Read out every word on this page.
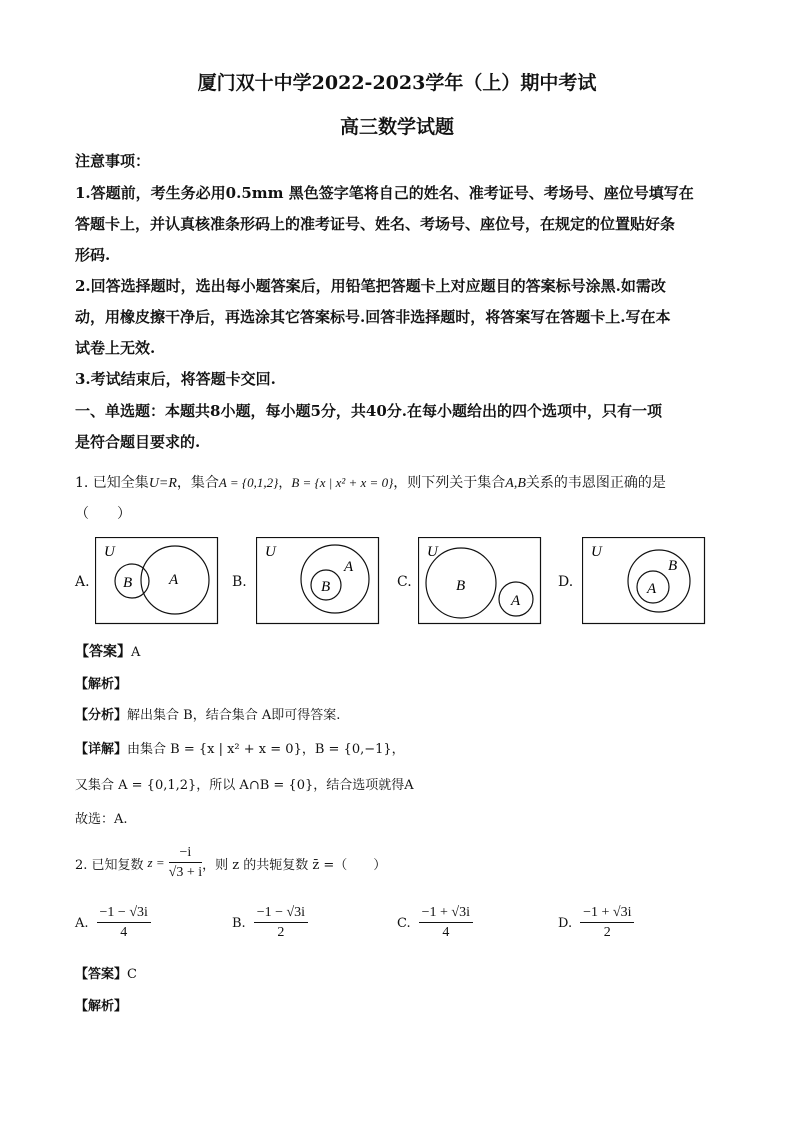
厦门双十中学2022-2023学年（上）期中考试
高三数学试题
注意事项：
1.答题前，考生务必用0.5mm 黑色签字笔将自己的姓名、准考证号、考场号、座位号填写在
答题卡上，并认真核准条形码上的准考证号、姓名、考场号、座位号，在规定的位置贴好条
形码.
2.回答选择题时，选出每小题答案后，用铅笔把答题卡上对应题目的答案标号涂黑.如需改
动，用橡皮擦干净后，再选涂其它答案标号.回答非选择题时，将答案写在答题卡上.写在本
试卷上无效.
3.考试结束后，将答题卡交回.
一、单选题：本题共8小题，每小题5分，共40分.在每小题给出的四个选项中，只有一项
是符合题目要求的.
1. 已知全集U=R，集合A = {0,1,2}，B = {x | x² + x = 0}，则下列关于集合A,B关系的韦恩图正确的是
（　　）
A.
U
B A	B.
U
B
A
C.
U
B
A
D.
U
A
B
【答案】A
【解析】
【分析】解出集合 B，结合集合 A即可得答案.
【详解】由集合 B = {x | x² + x = 0}，B = {0,−1}，
又集合 A = {0,1,2}，所以 A∩B = {0}，结合选项就得A
故选：A.
2. 已知复数 $z = \frac{-i}{√3 + i}$ ，则 z 的共轭复数 z̄ =（　　）
A. $\frac{-1 - √3i}{4}$	B. $\frac{-1 - √3i}{2}$	C. $\frac{-1 + √3i}{4}$	D. $\frac{-1 + √3i}{2}$
【答案】C
【解析】
